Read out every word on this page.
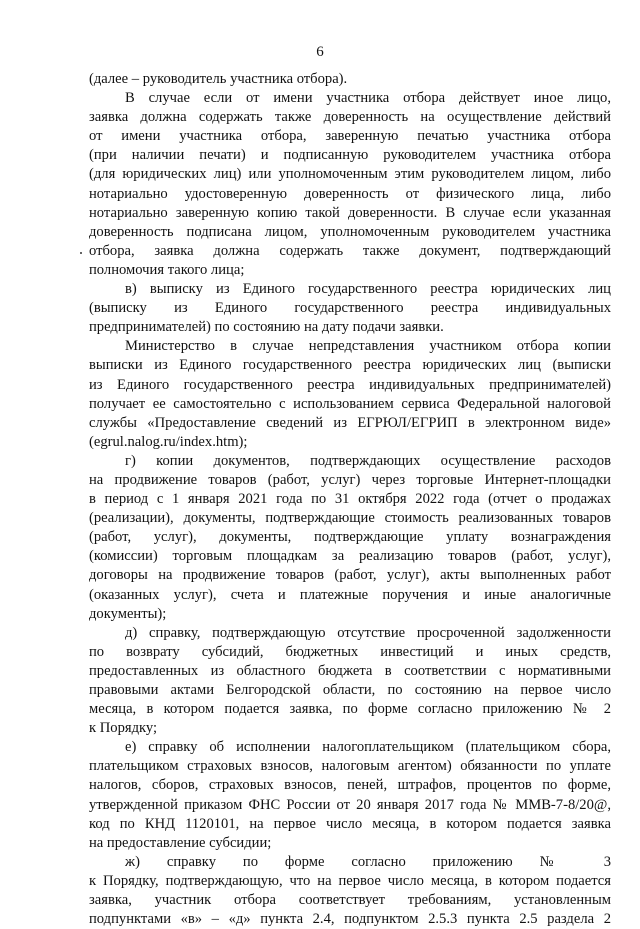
6

(далее – руководитель участника отбора).

В случае если от имени участника отбора действует иное лицо,

заявка должна содержать также доверенность на осуществление действий

от имени участника отбора, заверенную печатью участника отбора

(при наличии печати) и подписанную руководителем участника отбора

(для юридических лиц) или уполномоченным этим руководителем лицом, либо

нотариально удостоверенную доверенность от физического лица, либо

нотариально заверенную копию такой доверенности. В случае если указанная

доверенность подписана лицом, уполномоченным руководителем участника

отбора, заявка должна содержать также документ, подтверждающий

полномочия такого лица;

в) выписку из Единого государственного реестра юридических лиц

(выписку из Единого государственного реестра индивидуальных

предпринимателей) по состоянию на дату подачи заявки.

Министерство в случае непредставления участником отбора копии

выписки из Единого государственного реестра юридических лиц (выписки

из Единого государственного реестра индивидуальных предпринимателей)

получает ее самостоятельно с использованием сервиса Федеральной налоговой

службы «Предоставление сведений из ЕГРЮЛ/ЕГРИП в электронном виде»

(egrul.nalog.ru/index.htm);

г) копии документов, подтверждающих осуществление расходов

на продвижение товаров (работ, услуг) через торговые Интернет-площадки

в период с 1 января 2021 года по 31 октября 2022 года (отчет о продажах

(реализации), документы, подтверждающие стоимость реализованных товаров

(работ, услуг), документы, подтверждающие уплату вознаграждения

(комиссии) торговым площадкам за реализацию товаров (работ, услуг),

договоры на продвижение товаров (работ, услуг), акты выполненных работ

(оказанных услуг), счета и платежные поручения и иные аналогичные

документы);

д) справку, подтверждающую отсутствие просроченной задолженности

по возврату субсидий, бюджетных инвестиций и иных средств,

предоставленных из областного бюджета в соответствии с нормативными

правовыми актами Белгородской области, по состоянию на первое число

месяца, в котором подается заявка, по форме согласно приложению № 2

к Порядку;

е) справку об исполнении налогоплательщиком (плательщиком сбора,

плательщиком страховых взносов, налоговым агентом) обязанности по уплате

налогов, сборов, страховых взносов, пеней, штрафов, процентов по форме,

утвержденной приказом ФНС России от 20 января 2017 года № ММВ-7-8/20@,

код по КНД 1120101, на первое число месяца, в котором подается заявка

на предоставление субсидии;

ж) справку по форме согласно приложению № 3

к Порядку, подтверждающую, что на первое число месяца, в котором подается

заявка, участник отбора соответствует требованиям, установленным

подпунктами «в» – «д» пункта 2.4, подпунктом 2.5.3 пункта 2.5 раздела 2
